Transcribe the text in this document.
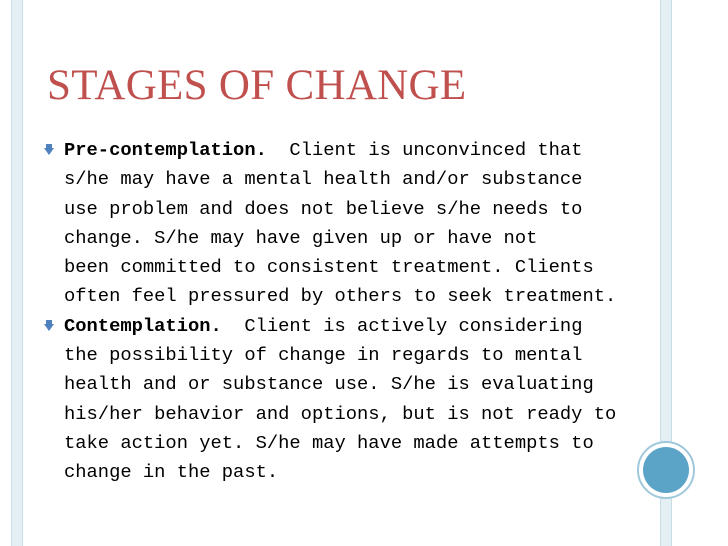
STAGES OF CHANGE
Pre-contemplation. Client is unconvinced that
s/he may have a mental health and/or substance
use problem and does not believe s/he needs to
change. S/he may have given up or have not
been committed to consistent treatment. Clients
often feel pressured by others to seek treatment.
Contemplation. Client is actively considering
the possibility of change in regards to mental
health and or substance use. S/he is evaluating
his/her behavior and options, but is not ready to
take action yet. S/he may have made attempts to
change in the past.
